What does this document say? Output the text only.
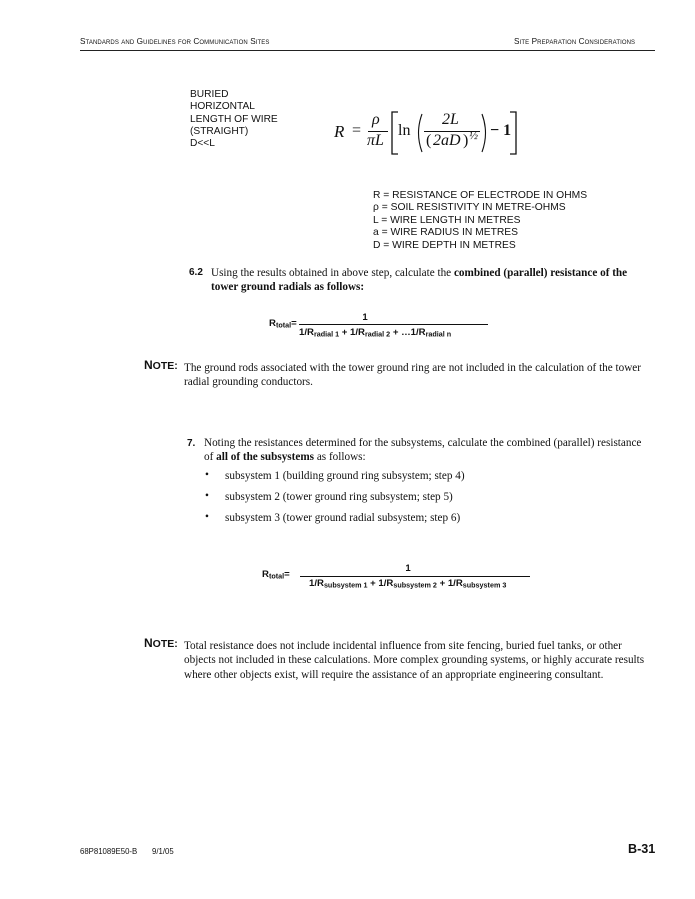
Standards and Guidelines for Communication Sites	Site Preparation Considerations
BURIED
HORIZONTAL
LENGTH OF WIRE
(STRAIGHT)
D<<L
R =
ρ
πL
ln
2L
( 2aD ) ½ − 1
R = RESISTANCE OF ELECTRODE IN OHMS
ρ = SOIL RESISTIVITY IN METRE-OHMS
L = WIRE LENGTH IN METRES
a = WIRE RADIUS IN METRES
D = WIRE DEPTH IN METRES
6.2 Using the results obtained in above step, calculate the combined (parallel) resistance of the
tower ground radials as follows:
1
$R_{total}=$
$1/R_{radial 1} + 1/R_{radial 2}$ + $\dots 1/R_{radial n}$
NOTE: The ground rods associated with the tower ground ring are not included in the calculation of the tower
radial grounding conductors.
7. Noting the resistances determined for the subsystems, calculate the combined (parallel) resistance
of all of the subsystems as follows:
• subsystem 1 (building ground ring subsystem; step 4)
• subsystem 2 (tower ground ring subsystem; step 5)
• subsystem 3 (tower ground radial subsystem; step 6)
1
$R_{total}=$
$1/R_{subsystem 1} + 1/R_{subsystem 2} + 1/R_{subsystem 3}$
NOTE: Total resistance does not include incidental influence from site fencing, buried fuel tanks, or other
objects not included in these calculations. More complex grounding systems, or highly accurate results
where other objects exist, will require the assistance of an appropriate engineering consultant.
68P81089E50-B 9/1/05	B-31
